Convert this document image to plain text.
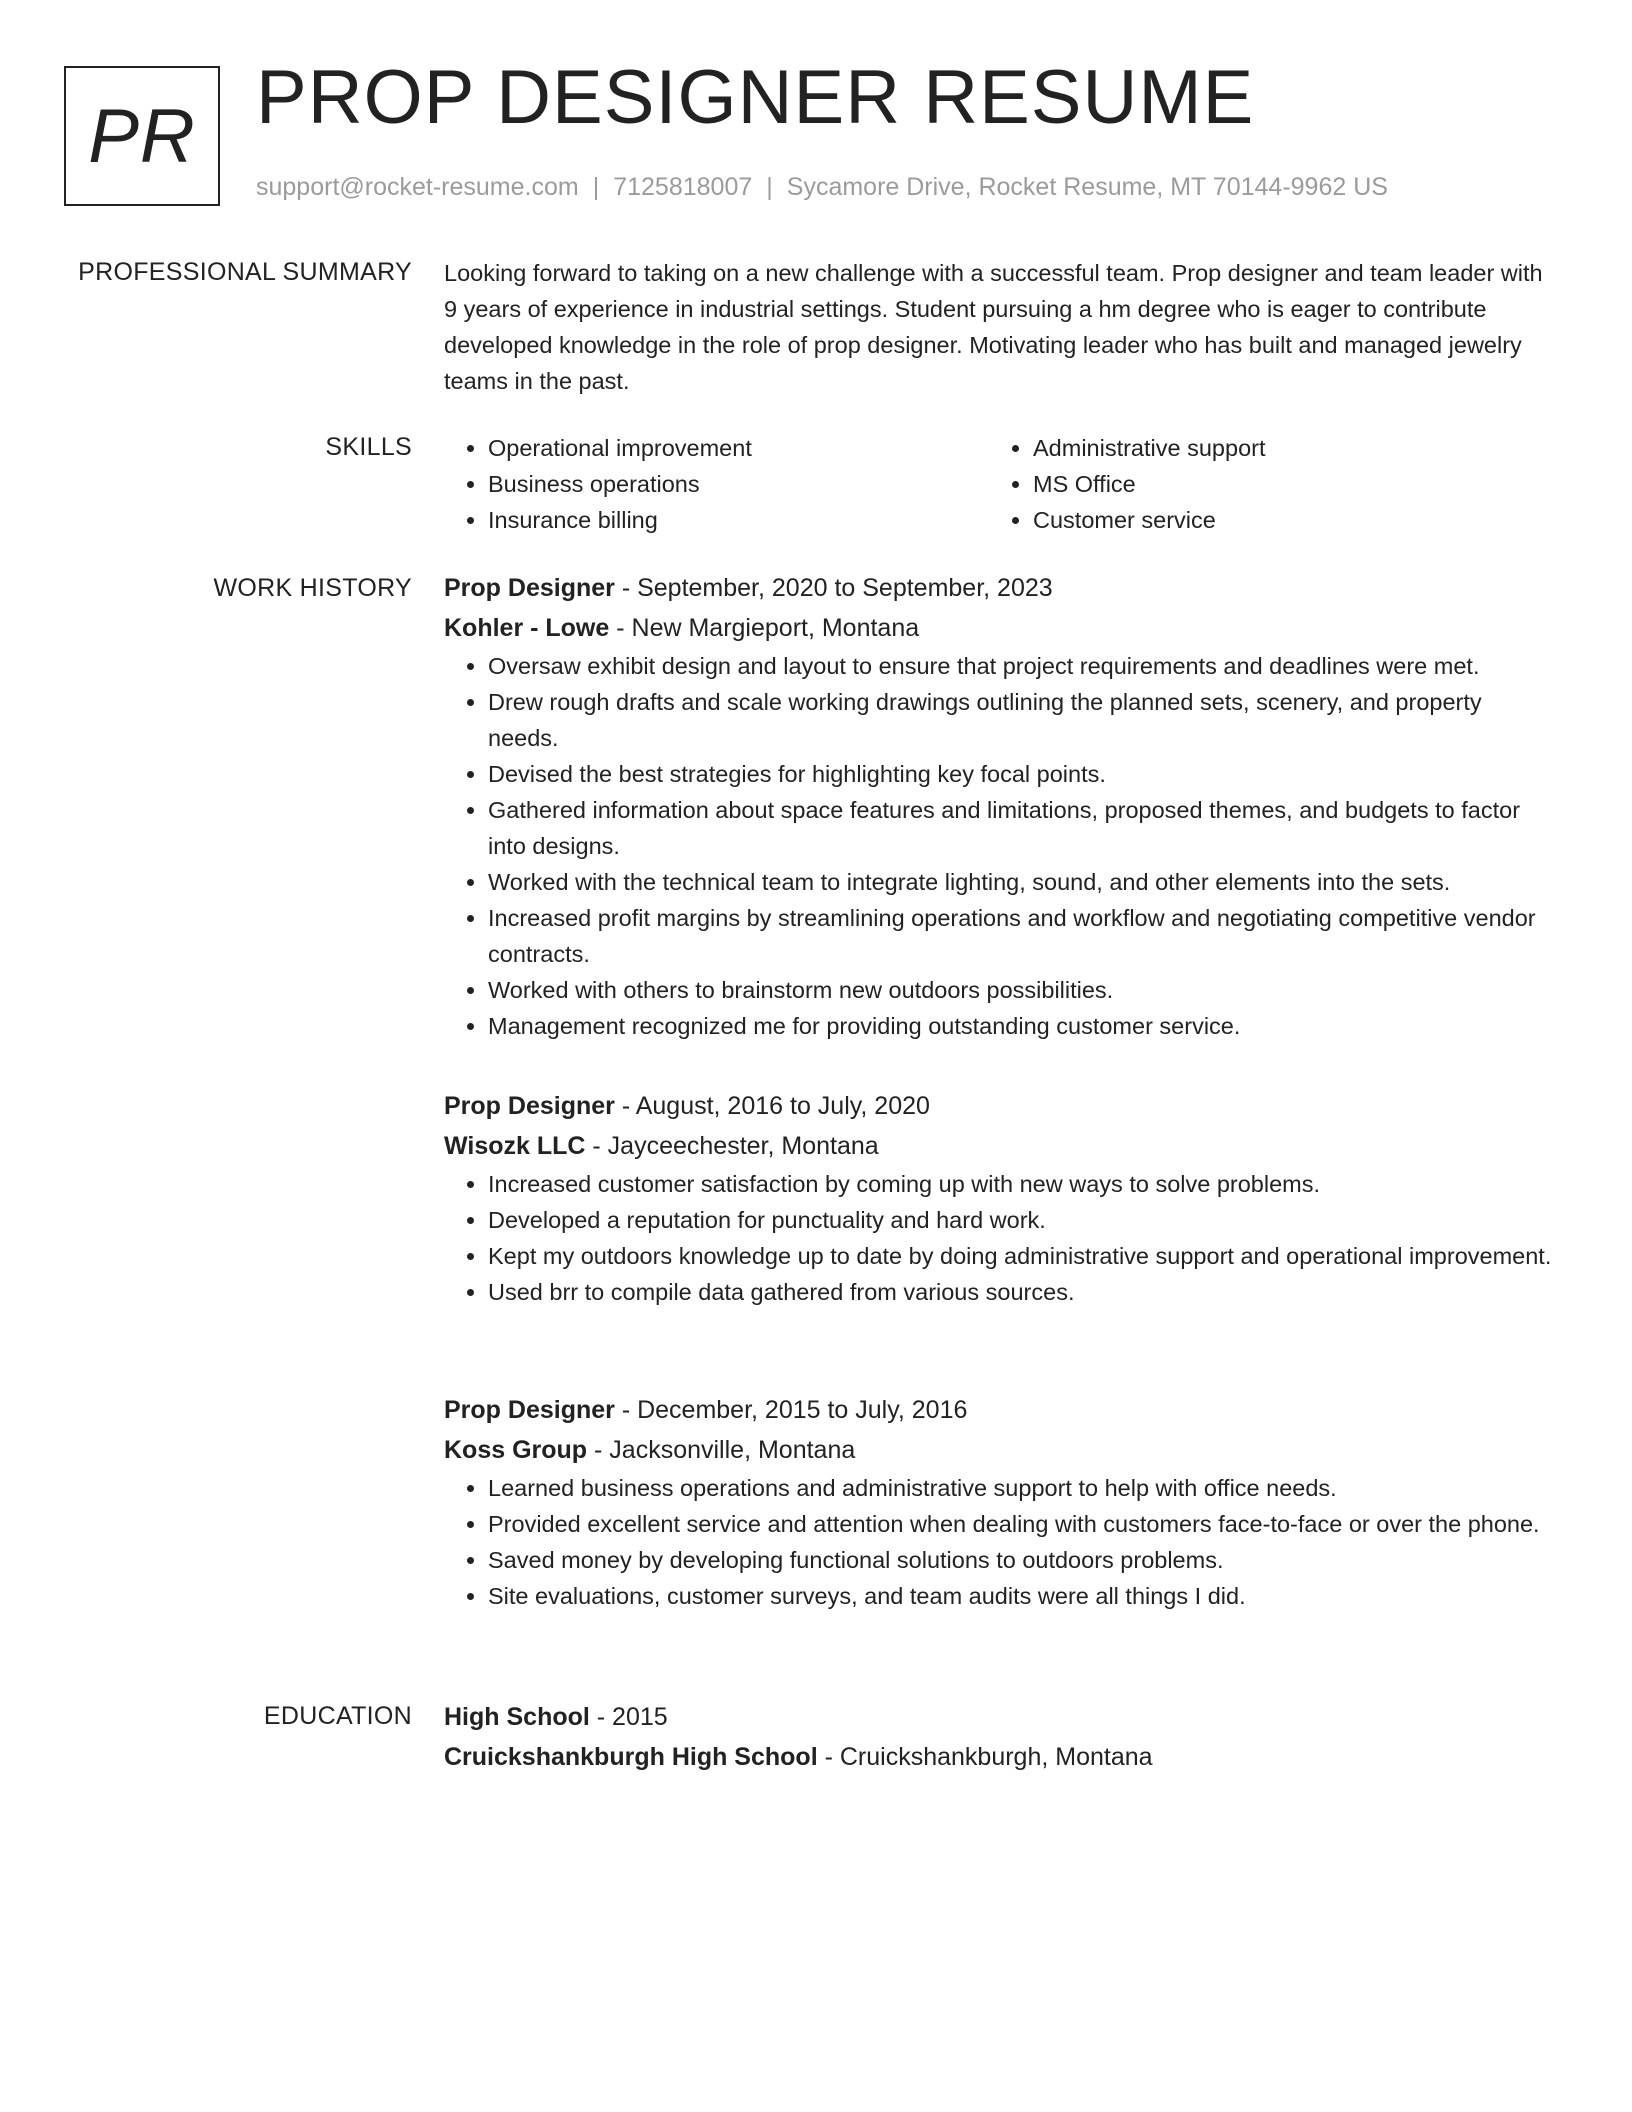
PR PROP DESIGNER RESUME
support@rocket-resume.com | 7125818007 | Sycamore Drive, Rocket Resume, MT 70144-9962 US
PROFESSIONAL SUMMARY Looking forward to taking on a new challenge with a successful team. Prop designer and team leader with 9 years of experience in industrial settings. Student pursuing a hm degree who is eager to contribute developed knowledge in the role of prop designer. Motivating leader who has built and managed jewelry teams in the past.

SKILLS
•	Operational improvement
• Business operations
• Insurance billing
• Administrative support
• MS Office
• Customer service
WORK HISTORY Prop Designer - September, 2020 to September, 2023
Kohler - Lowe - New Margieport, Montana
• Oversaw exhibit design and layout to ensure that project requirements and deadlines were met.
• Drew rough drafts and scale working drawings outlining the planned sets, scenery, and property needs.
• Devised the best strategies for highlighting key focal points.
• Gathered information about space features and limitations, proposed themes, and budgets to factor into designs.
• Worked with the technical team to integrate lighting, sound, and other elements into the sets.
• Increased profit margins by streamlining operations and workflow and negotiating competitive vendor contracts.
• Worked with others to brainstorm new outdoors possibilities.
• Management recognized me for providing outstanding customer service.
Prop Designer - August, 2016 to July, 2020
Wisozk LLC - Jayceechester, Montana
• Increased customer satisfaction by coming up with new ways to solve problems.
• Developed a reputation for punctuality and hard work.
• Kept my outdoors knowledge up to date by doing administrative support and operational improvement.
• Used brr to compile data gathered from various sources.
Prop Designer - December, 2015 to July, 2016
Koss Group - Jacksonville, Montana
• Learned business operations and administrative support to help with office needs.
• Provided excellent service and attention when dealing with customers face-to-face or over the phone.
• Saved money by developing functional solutions to outdoors problems.
• Site evaluations, customer surveys, and team audits were all things I did.
EDUCATION High School - 2015
Cruickshankburgh High School - Cruickshankburgh, Montana
